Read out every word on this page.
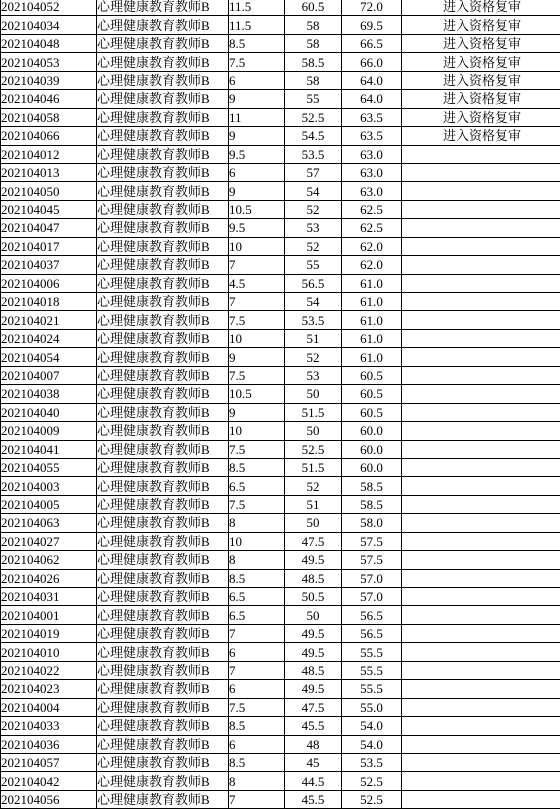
202104052	心理健康教育教师B	11.5	60.5	72.0	进入资格复审
202104034	心理健康教育教师B	11.5	58	69.5	进入资格复审
202104048	心理健康教育教师B	8.5	58	66.5	进入资格复审
202104053	心理健康教育教师B	7.5	58.5	66.0	进入资格复审
202104039	心理健康教育教师B	6	58	64.0	进入资格复审
202104046	心理健康教育教师B	9	55	64.0	进入资格复审
202104058	心理健康教育教师B	11	52.5	63.5	进入资格复审
202104066	心理健康教育教师B	9	54.5	63.5	进入资格复审
202104012	心理健康教育教师B	9.5	53.5	63.0	
202104013	心理健康教育教师B	6	57	63.0	
202104050	心理健康教育教师B	9	54	63.0	
202104045	心理健康教育教师B	10.5	52	62.5	
202104047	心理健康教育教师B	9.5	53	62.5	
202104017	心理健康教育教师B	10	52	62.0	
202104037	心理健康教育教师B	7	55	62.0	
202104006	心理健康教育教师B	4.5	56.5	61.0	
202104018	心理健康教育教师B	7	54	61.0	
202104021	心理健康教育教师B	7.5	53.5	61.0	
202104024	心理健康教育教师B	10	51	61.0	
202104054	心理健康教育教师B	9	52	61.0	
202104007	心理健康教育教师B	7.5	53	60.5	
202104038	心理健康教育教师B	10.5	50	60.5	
202104040	心理健康教育教师B	9	51.5	60.5	
202104009	心理健康教育教师B	10	50	60.0	
202104041	心理健康教育教师B	7.5	52.5	60.0	
202104055	心理健康教育教师B	8.5	51.5	60.0	
202104003	心理健康教育教师B	6.5	52	58.5	
202104005	心理健康教育教师B	7.5	51	58.5	
202104063	心理健康教育教师B	8	50	58.0	
202104027	心理健康教育教师B	10	47.5	57.5	
202104062	心理健康教育教师B	8	49.5	57.5	
202104026	心理健康教育教师B	8.5	48.5	57.0	
202104031	心理健康教育教师B	6.5	50.5	57.0	
202104001	心理健康教育教师B	6.5	50	56.5	
202104019	心理健康教育教师B	7	49.5	56.5	
202104010	心理健康教育教师B	6	49.5	55.5	
202104022	心理健康教育教师B	7	48.5	55.5	
202104023	心理健康教育教师B	6	49.5	55.5	
202104004	心理健康教育教师B	7.5	47.5	55.0	
202104033	心理健康教育教师B	8.5	45.5	54.0	
202104036	心理健康教育教师B	6	48	54.0	
202104057	心理健康教育教师B	8.5	45	53.5	
202104042	心理健康教育教师B	8	44.5	52.5	
202104056	心理健康教育教师B	7	45.5	52.5	
